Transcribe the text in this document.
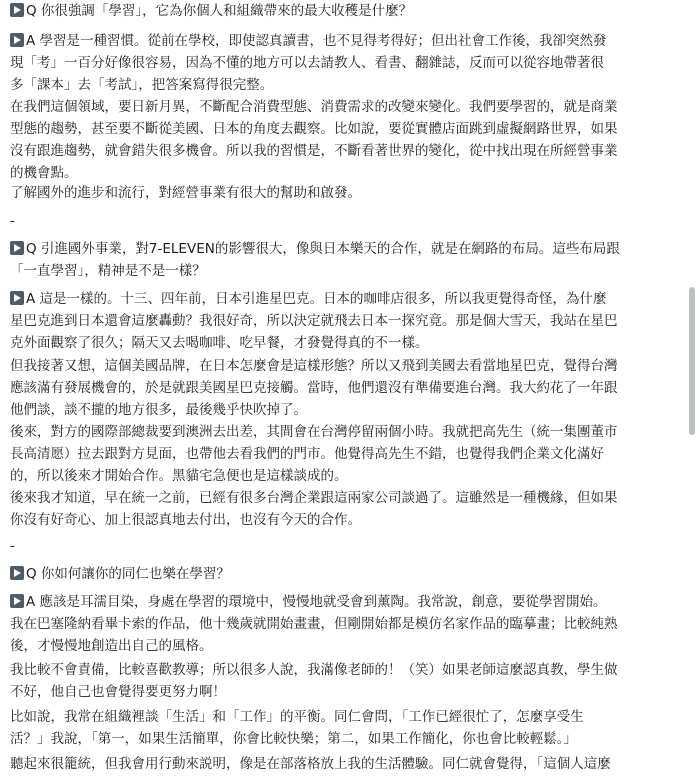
Q 你很強調「學習」，它為你個人和組織帶來的最大收穫是什麼？
A 學習是一種習慣。從前在學校，即使認真讀書，也不見得考得好；但出社會工作後，我卻突然發
現「考」一百分好像很容易，因為不懂的地方可以去請教人、看書、翻雜誌，反而可以從容地帶著很
多「課本」去「考試」，把答案寫得很完整。
在我們這個領域，要日新月異，不斷配合消費型態、消費需求的改變來變化。我們要學習的，就是商業
型態的趨勢，甚至要不斷從美國、日本的角度去觀察。比如說，要從實體店面跳到虛擬網路世界，如果
沒有跟進趨勢，就會錯失很多機會。所以我的習慣是，不斷看著世界的變化，從中找出現在所經營事業
的機會點。
了解國外的進步和流行，對經營事業有很大的幫助和啟發。
-
Q 引進國外事業，對7-ELEVEN的影響很大，像與日本樂天的合作，就是在網路的布局。這些布局跟
「一直學習」，精神是不是一樣？
A 這是一樣的。十三、四年前，日本引進星巴克。日本的咖啡店很多，所以我更覺得奇怪，為什麼
星巴克進到日本還會這麼轟動？我很好奇，所以決定就飛去日本一探究竟。那是個大雪天，我站在星巴
克外面觀察了很久；隔天又去喝咖啡、吃早餐，才發覺得真的不一樣。
但我接著又想，這個美國品牌，在日本怎麼會是這樣形態？所以又飛到美國去看當地星巴克，覺得台灣
應該滿有發展機會的，於是就跟美國星巴克接觸。當時，他們還沒有準備要進台灣。我大約花了一年跟
他們談，談不攏的地方很多，最後幾乎快吹掉了。
後來，對方的國際部總裁要到澳洲去出差，其間會在台灣停留兩個小時。我就把高先生（統一集團董市
長高清愿）拉去跟對方見面，也帶他去看我們的門市。他覺得高先生不錯，也覺得我們企業文化滿好
的，所以後來才開始合作。黑貓宅急便也是這樣談成的。
後來我才知道，早在統一之前，已經有很多台灣企業跟這兩家公司談過了。這雖然是一種機緣，但如果
你沒有好奇心、加上很認真地去付出，也沒有今天的合作。
-
Q 你如何讓你的同仁也樂在學習？
A 應該是耳濡目染，身處在學習的環境中，慢慢地就受會到薰陶。我常說，創意，要從學習開始。
我在巴塞隆納看畢卡索的作品，他十幾歲就開始畫畫，但剛開始都是模仿名家作品的臨摹畫；比較純熟
後，才慢慢地創造出自己的風格。
我比較不會責備，比較喜歡教導；所以很多人說，我滿像老師的！（笑）如果老師這麼認真教，學生做
不好，他自己也會覺得要更努力啊！
比如說，我常在組織裡談「生活」和「工作」的平衡。同仁會問，「工作已經很忙了，怎麼享受生
活？」我說，「第一，如果生活簡單，你會比較快樂；第二，如果工作簡化，你也會比較輕鬆。」
聽起來很籠統，但我會用行動來説明，像是在部落格放上我的生活體驗。同仁就會覺得，「這個人這麼
